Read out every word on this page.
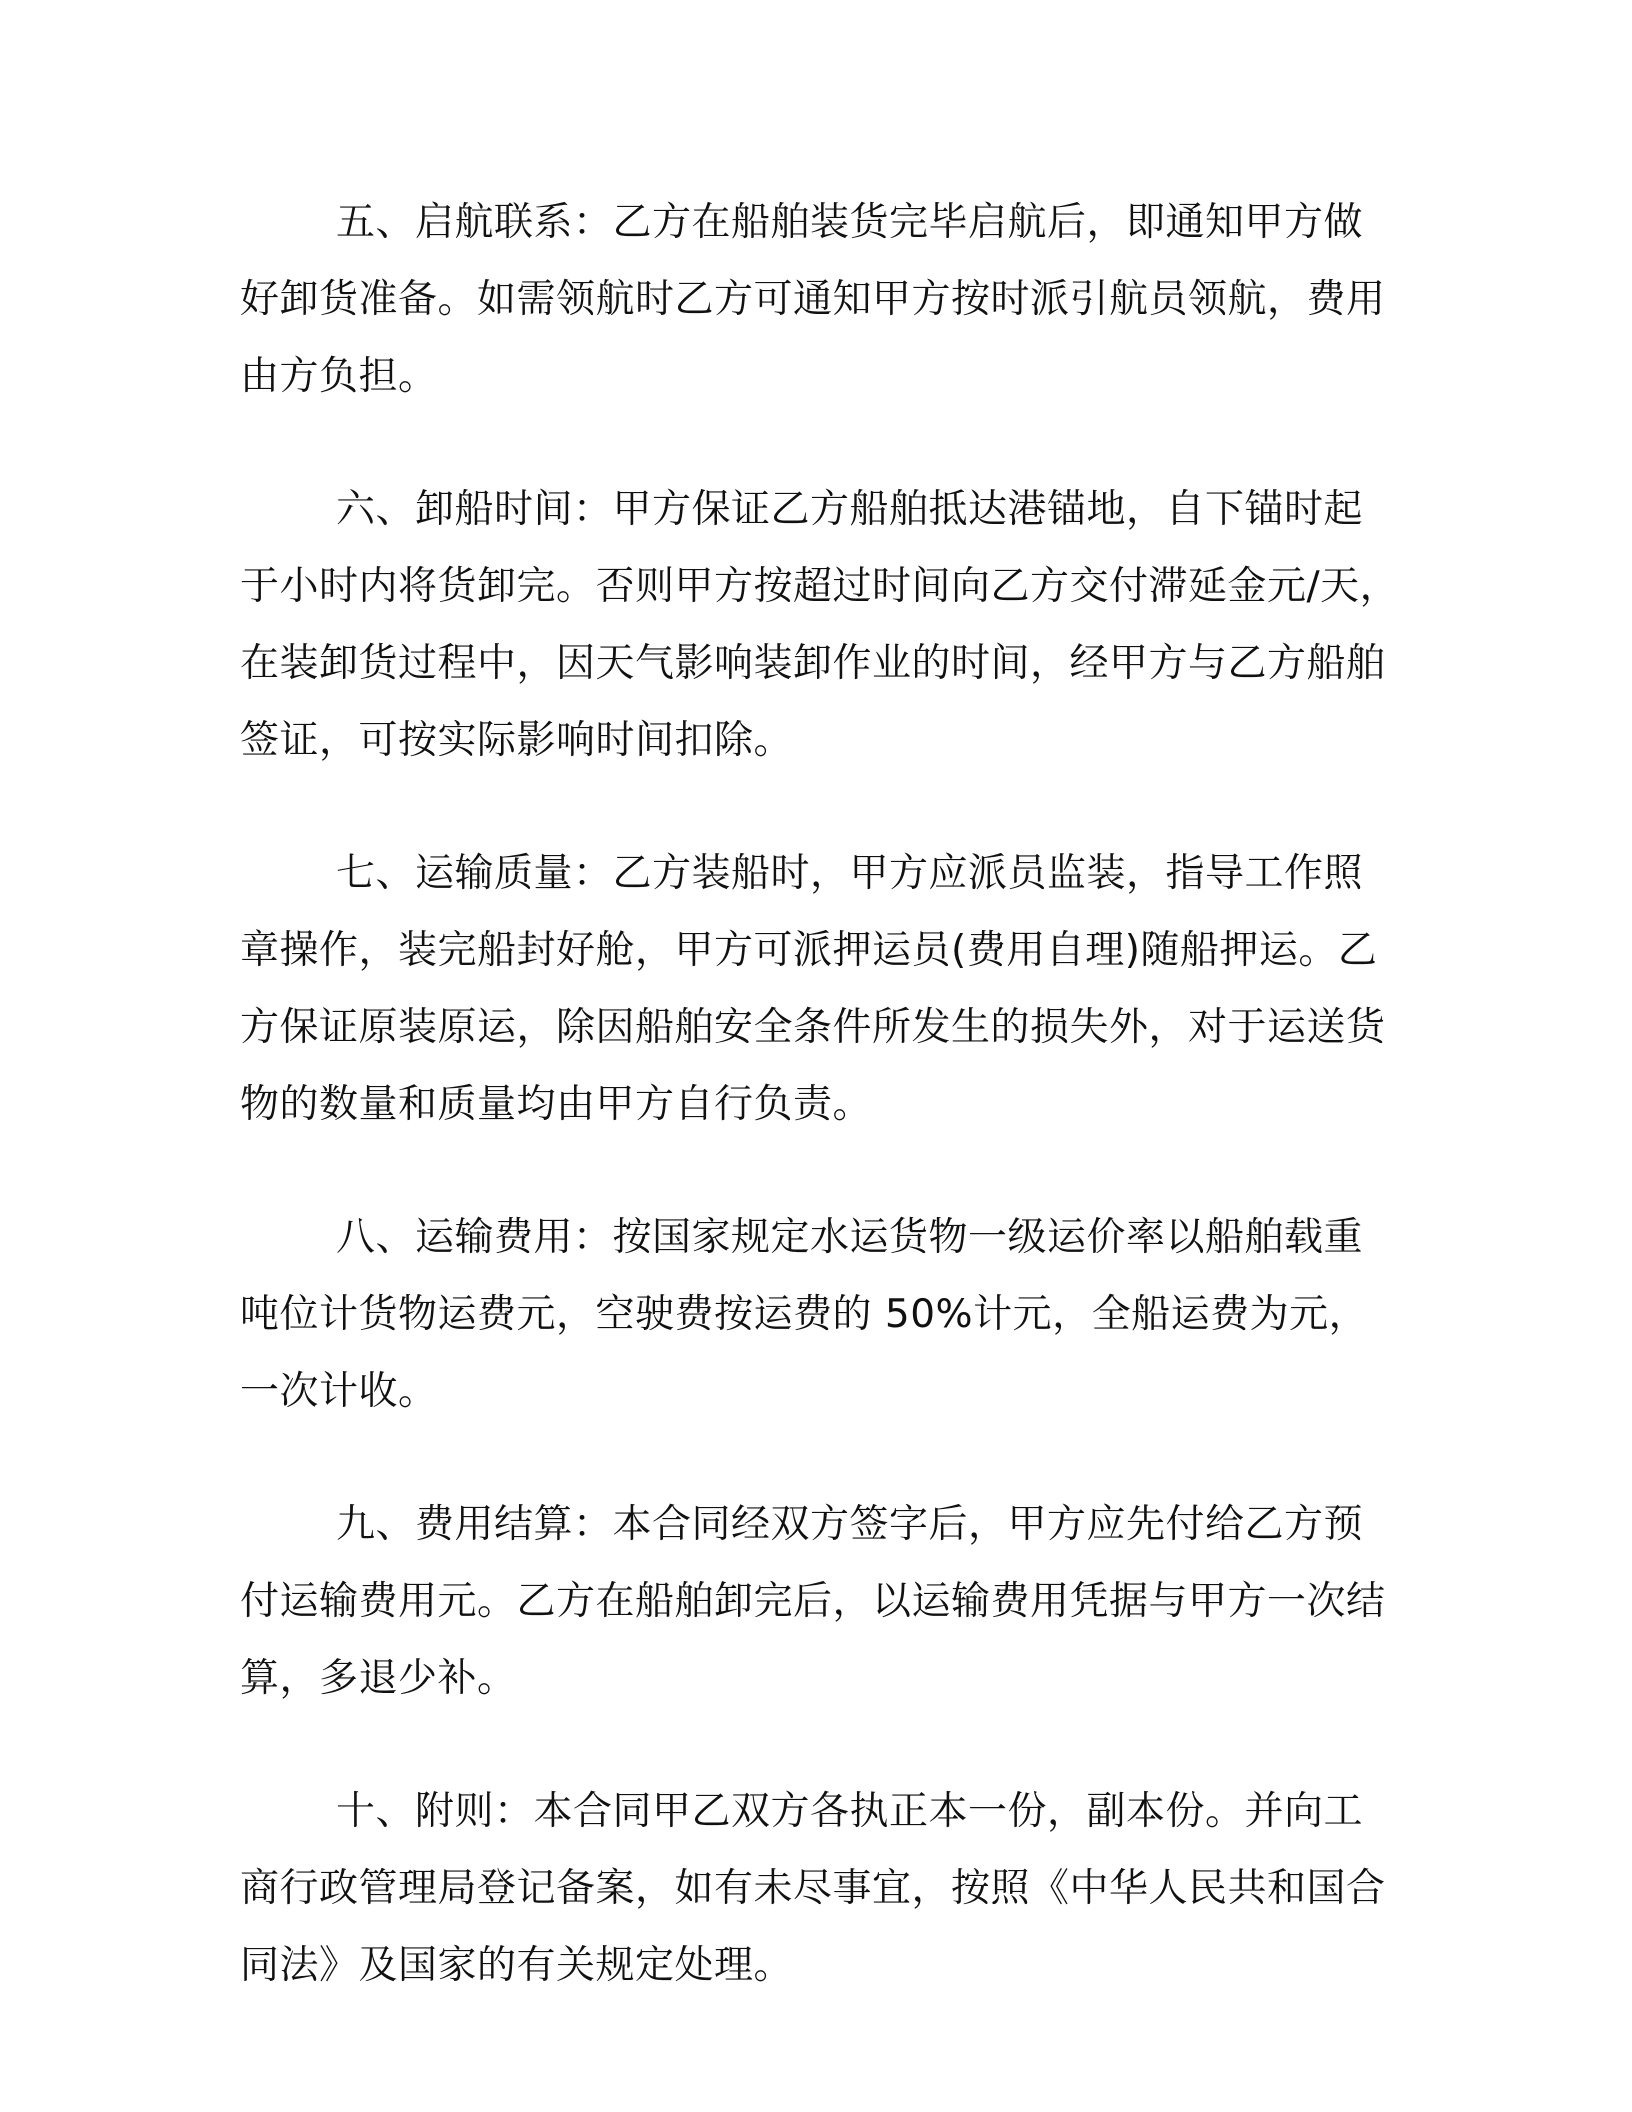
五、启航联系：乙方在船舶装货完毕启航后，即通知甲方做好卸货准备。如需领航时乙方可通知甲方按时派引航员领航，费用由方负担。

六、卸船时间：甲方保证乙方船舶抵达港锚地，自下锚时起于小时内将货卸完。否则甲方按超过时间向乙方交付滞延金元/天，在装卸货过程中，因天气影响装卸作业的时间，经甲方与乙方船舶签证，可按实际影响时间扣除。

七、运输质量：乙方装船时，甲方应派员监装，指导工作照章操作，装完船封好舱，甲方可派押运员(费用自理)随船押运。乙方保证原装原运，除因船舶安全条件所发生的损失外，对于运送货物的数量和质量均由甲方自行负责。

八、运输费用：按国家规定水运货物一级运价率以船舶载重吨位计货物运费元，空驶费按运费的 50%计元，全船运费为元，一次计收。

九、费用结算：本合同经双方签字后，甲方应先付给乙方预付运输费用元。乙方在船舶卸完后，以运输费用凭据与甲方一次结算，多退少补。

十、附则：本合同甲乙双方各执正本一份，副本份。并向工商行政管理局登记备案，如有未尽事宜，按照《中华人民共和国合同法》及国家的有关规定处理。
